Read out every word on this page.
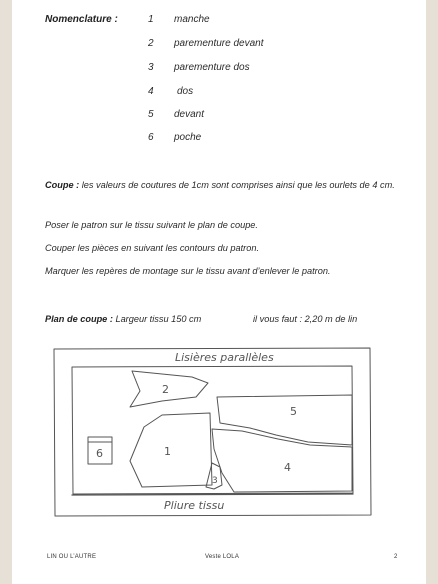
Nomenclature :	1	manche
2	parementure devant
3	parementure dos
4	dos
5	devant
6	poche
Coupe : les valeurs de coutures de 1cm sont comprises ainsi que les ourlets de 4 cm.
Poser le patron sur le tissu suivant le plan de coupe.
Couper les pièces en suivant les contours du patron.
Marquer les repères de montage sur le tissu avant d’enlever le patron.
Plan de coupe : Largeur tissu 150 cm	il vous faut : 2,20 m de lin
Lisières parallèles
Pliure tissu
2
6	1
5
4
3
LIN OU L’AUTRE	Veste LOLA	2
